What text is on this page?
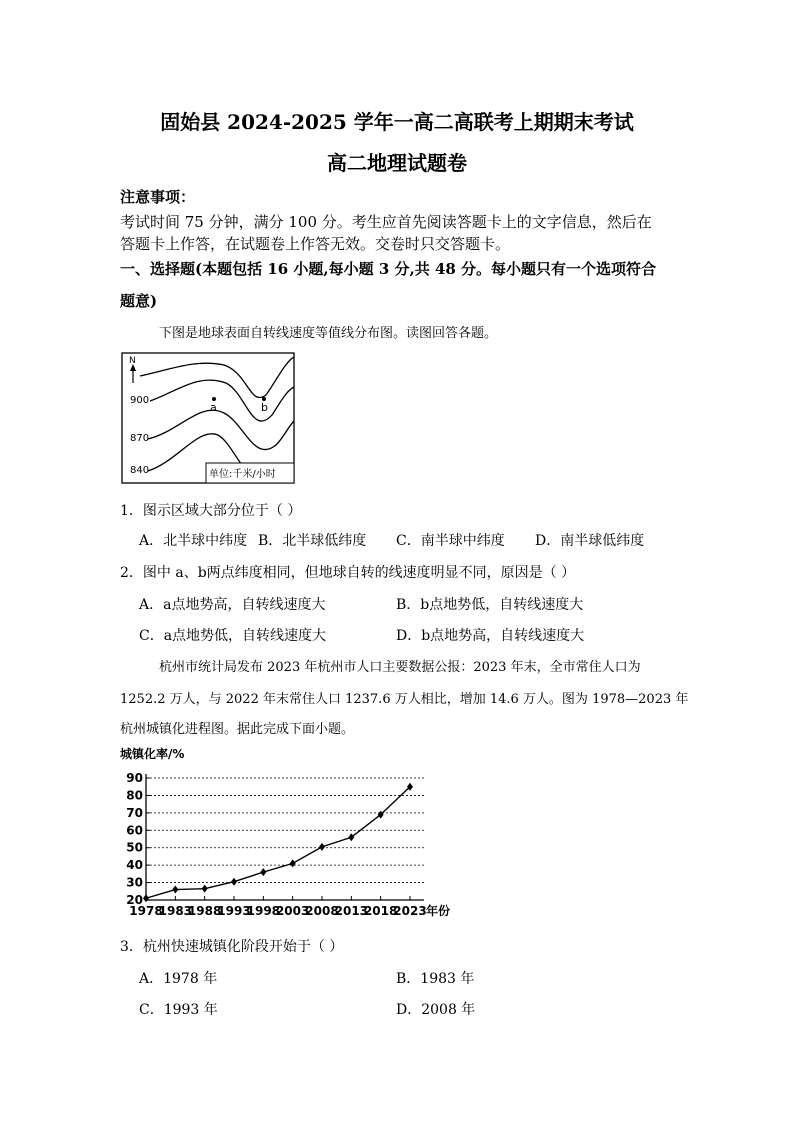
固始县 2024-2025 学年一高二高联考上期期末考试
高二地理试题卷
注意事项：
考试时间 75 分钟，满分 100 分。考生应首先阅读答题卡上的文字信息，然后在
答题卡上作答，在试题卷上作答无效。交卷时只交答题卡。
一、选择题(本题包括 16 小题,每小题 3 分,共 48 分。每小题只有一个选项符合
题意)
下图是地球表面自转线速度等值线分布图。读图回答各题。
N
900
870
840
a	b
单位:千米/小时
1．图示区域大部分位于（ ）
A．北半球中纬度 B．北半球低纬度 C．南半球中纬度 D．南半球低纬度
2．图中 a、b两点纬度相同，但地球自转的线速度明显不同，原因是（ ）
A．a点地势高，自转线速度大	B．b点地势低，自转线速度大
C．a点地势低，自转线速度大	D．b点地势高，自转线速度大
杭州市统计局发布 2023 年杭州市人口主要数据公报：2023 年末，全市常住人口为
1252.2 万人，与 2022 年末常住人口 1237.6 万人相比，增加 14.6 万人。图为 1978—2023 年
杭州城镇化进程图。据此完成下面小题。
城镇化率/%
20
30
40
50
60
70
80
90
1978
1983
1988
1993
1998
2003
2008
2013
2018
2023 年份
3．杭州快速城镇化阶段开始于（ ）
A．1978 年	B．1983 年
C．1993 年	D．2008 年
